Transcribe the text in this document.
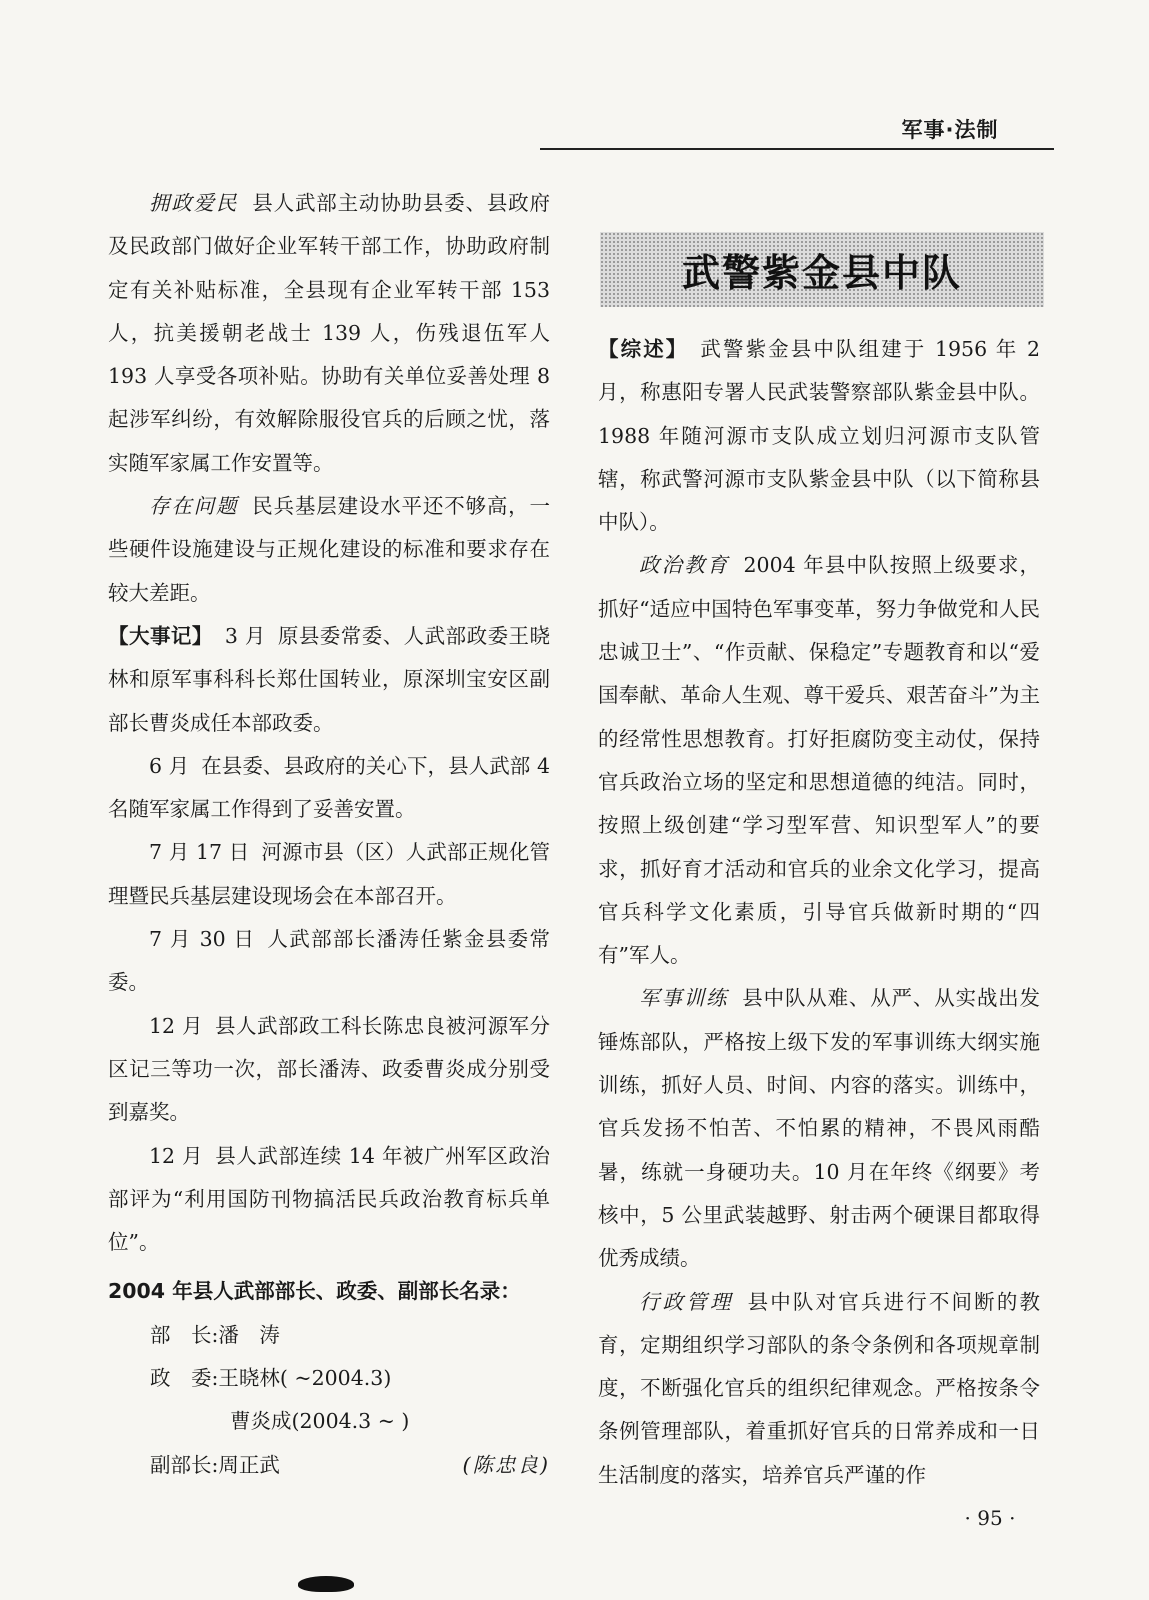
军事·法制

拥政爱民 县人武部主动协助县委、县政府及民政部门做好企业军转干部工作，协助政府制定有关补贴标准，全县现有企业军转干部 153 人，抗美援朝老战士 139 人，伤残退伍军人 193 人享受各项补贴。协助有关单位妥善处理 8 起涉军纠纷，有效解除服役官兵的后顾之忧，落实随军家属工作安置等。

存在问题 民兵基层建设水平还不够高，一些硬件设施建设与正规化建设的标准和要求存在较大差距。

【大事记】 3 月 原县委常委、人武部政委王晓林和原军事科科长郑仕国转业，原深圳宝安区副部长曹炎成任本部政委。

6 月 在县委、县政府的关心下，县人武部 4 名随军家属工作得到了妥善安置。

7 月 17 日 河源市县（区）人武部正规化管理暨民兵基层建设现场会在本部召开。

7 月 30 日 人武部部长潘涛任紫金县委常委。

12 月 县人武部政工科长陈忠良被河源军分区记三等功一次，部长潘涛、政委曹炎成分别受到嘉奖。

12 月 县人武部连续 14 年被广州军区政治部评为“利用国防刊物搞活民兵政治教育标兵单位”。

2004 年县人武部部长、政委、副部长名录：

部　长:潘　涛

政　委:王晓林( ~2004.3)

曹炎成(2004.3 ~ )

副部长:周正武	(陈忠良)

武警紫金县中队

【综述】 武警紫金县中队组建于 1956 年 2 月，称惠阳专署人民武装警察部队紫金县中队。1988 年随河源市支队成立划归河源市支队管辖，称武警河源市支队紫金县中队（以下简称县中队）。

政治教育 2004 年县中队按照上级要求，抓好“适应中国特色军事变革，努力争做党和人民忠诚卫士”、“作贡献、保稳定”专题教育和以“爱国奉献、革命人生观、尊干爱兵、艰苦奋斗”为主的经常性思想教育。打好拒腐防变主动仗，保持官兵政治立场的坚定和思想道德的纯洁。同时，按照上级创建“学习型军营、知识型军人”的要求，抓好育才活动和官兵的业余文化学习，提高官兵科学文化素质，引导官兵做新时期的“四有”军人。

军事训练 县中队从难、从严、从实战出发锤炼部队，严格按上级下发的军事训练大纲实施训练，抓好人员、时间、内容的落实。训练中，官兵发扬不怕苦、不怕累的精神，不畏风雨酷暑，练就一身硬功夫。10 月在年终《纲要》考核中，5 公里武装越野、射击两个硬课目都取得优秀成绩。

行政管理 县中队对官兵进行不间断的教育，定期组织学习部队的条令条例和各项规章制度，不断强化官兵的组织纪律观念。严格按条令条例管理部队，着重抓好官兵的日常养成和一日生活制度的落实，培养官兵严谨的作

· 95 ·
